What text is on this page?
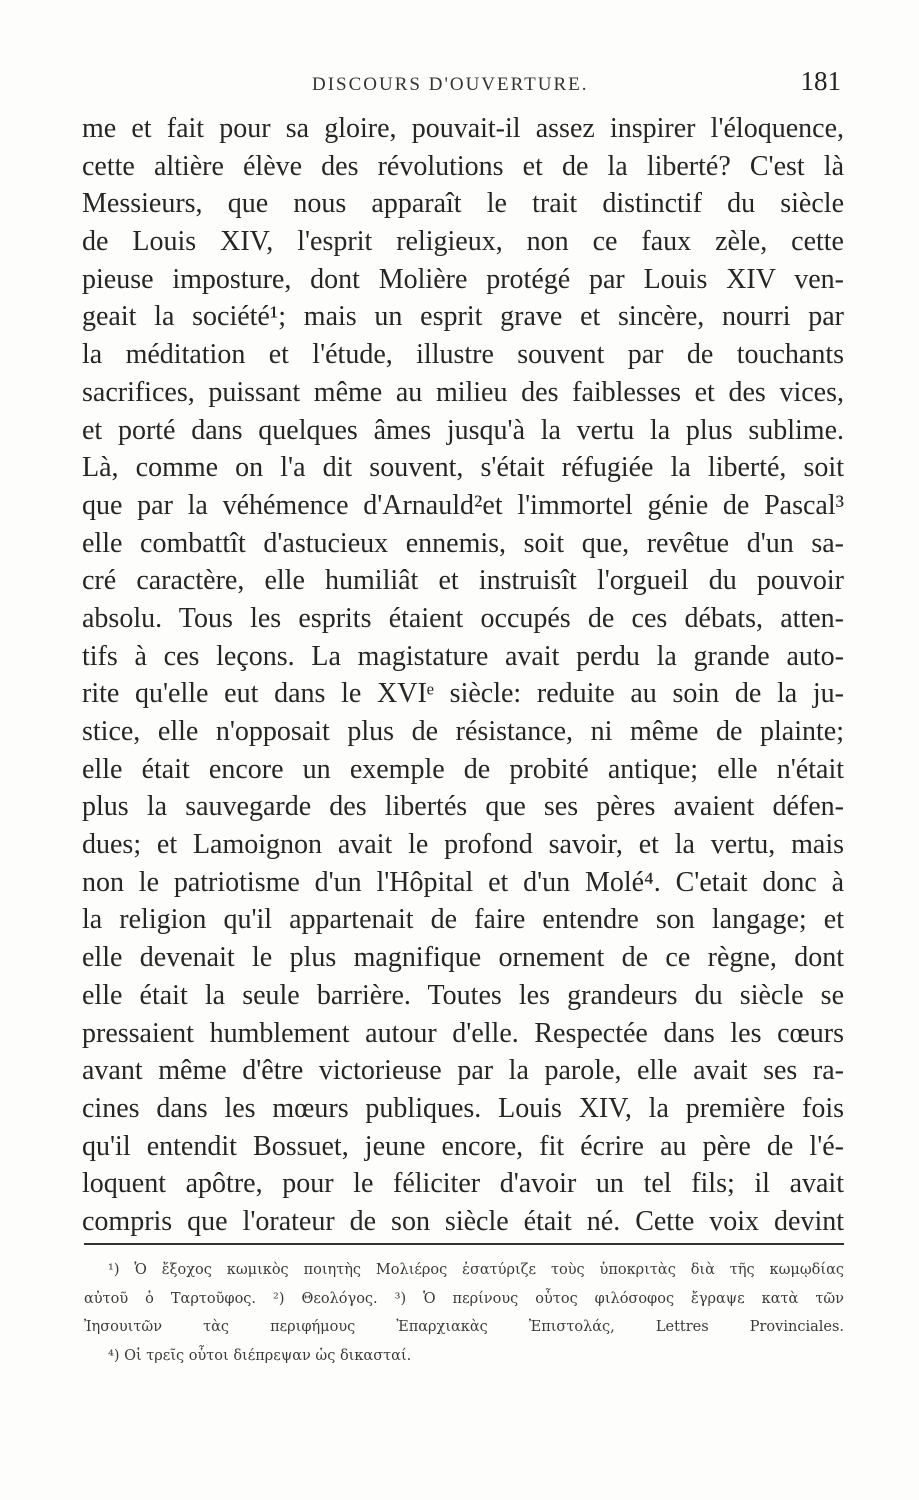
DISCOURS D'OUVERTURE.	181
me et fait pour sa gloire, pouvait-il assez inspirer l'éloquence,
cette altière élève des révolutions et de la liberté? C'est là
Messieurs, que nous apparaît le trait distinctif du siècle
de Louis XIV, l'esprit religieux, non ce faux zèle, cette
pieuse imposture, dont Molière protégé par Louis XIV ven-
geait la société¹; mais un esprit grave et sincère, nourri par
la méditation et l'étude, illustre souvent par de touchants
sacrifices, puissant même au milieu des faiblesses et des vices,
et porté dans quelques âmes jusqu'à la vertu la plus sublime.
Là, comme on l'a dit souvent, s'était réfugiée la liberté, soit
que par la véhémence d'Arnauld²et l'immortel génie de Pascal³
elle combattît d'astucieux ennemis, soit que, revêtue d'un sa-
cré caractère, elle humiliât et instruisît l'orgueil du pouvoir
absolu. Tous les esprits étaient occupés de ces débats, atten-
tifs à ces leçons. La magistature avait perdu la grande auto-
rite qu'elle eut dans le XVIᵉ siècle: reduite au soin de la ju-
stice, elle n'opposait plus de résistance, ni même de plainte;
elle était encore un exemple de probité antique; elle n'était
plus la sauvegarde des libertés que ses pères avaient défen-
dues; et Lamoignon avait le profond savoir, et la vertu, mais
non le patriotisme d'un l'Hôpital et d'un Molé⁴. C'etait donc à
la religion qu'il appartenait de faire entendre son langage; et
elle devenait le plus magnifique ornement de ce règne, dont
elle était la seule barrière. Toutes les grandeurs du siècle se
pressaient humblement autour d'elle. Respectée dans les cœurs
avant même d'être victorieuse par la parole, elle avait ses ra-
cines dans les mœurs publiques. Louis XIV, la première fois
qu'il entendit Bossuet, jeune encore, fit écrire au père de l'é-
loquent apôtre, pour le féliciter d'avoir un tel fils; il avait
compris que l'orateur de son siècle était né. Cette voix devint
¹) Ὁ ἔξοχος κωμικὸς ποιητὴς Μολιέρος ἐσατύριζε τοὺς ὑποκριτὰς διὰ τῆς κωμῳδίας
αὐτοῦ ὁ Ταρτοῦφος. ²) Θεολόγος. ³) Ὁ περίνους οὗτος φιλόσοφος ἔγραψε κατὰ τῶν
Ἰησουιτῶν τὰς περιφήμους Ἐπαρχιακὰς Ἐπιστολάς, Lettres Provinciales.
⁴) Οἱ τρεῖς οὗτοι διέπρεψαν ὡς δικασταί.
